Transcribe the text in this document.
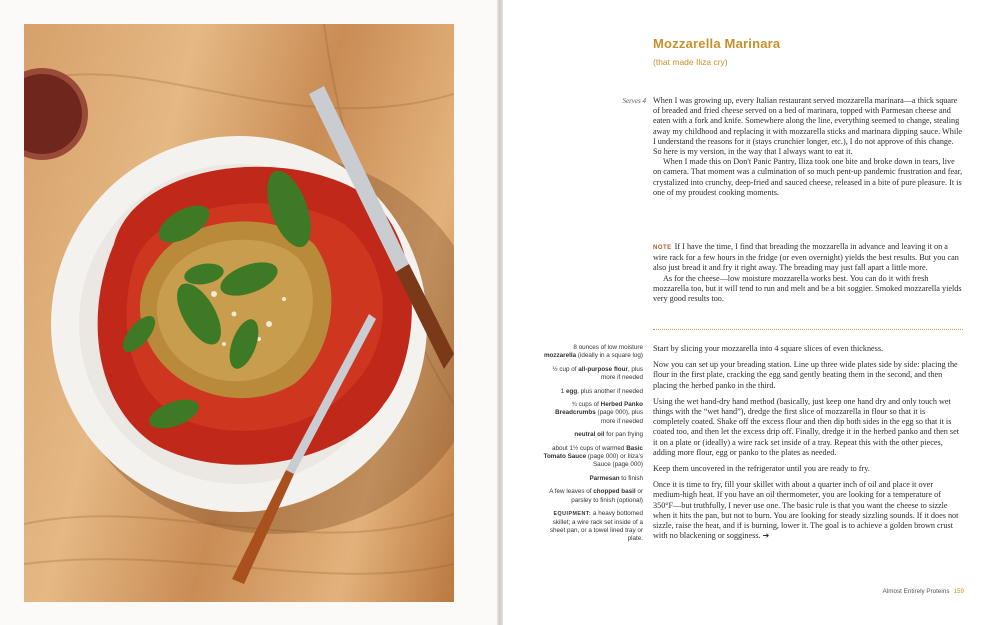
Mozzarella Marinara
(that made Iliza cry)
Serves 4 When I was growing up, every Italian restaurant served mozzarella marinara—a thick square of breaded and fried cheese served on a bed of marinara, topped with Parmesan cheese and eaten with a fork and knife. Somewhere along the line, everything seemed to change, stealing away my childhood and replacing it with mozzarella sticks and marinara dipping sauce. While I understand the reasons for it (stays crunchier longer, etc.), I do not approve of this change. So here is my version, in the way that I always want to eat it.

When I made this on Don't Panic Pantry, Iliza took one bite and broke down in tears, live on camera. That moment was a culmination of so much pent-up pandemic frustration and fear, crystalized into crunchy, deep-fried and sauced cheese, released in a bite of pure pleasure. It is one of my proudest cooking moments.

NOTE If I have the time, I find that breading the mozzarella in advance and leaving it on a wire rack for a few hours in the fridge (or even overnight) yields the best results. But you can also just bread it and fry it right away. The breading may just fall apart a little more.

As for the cheese—low moisture mozzarella works best. You can do it with fresh mozzarella too, but it will tend to run and melt and be a bit soggier. Smoked mozzarella yields very good results too.

8 ounces of low moisture mozzarella (ideally in a square log)
½ cup of all-purpose flour, plus more if needed
1 egg, plus another if needed
¾ cups of Herbed Panko Breadcrumbs (page 000), plus more if needed
neutral oil for pan frying
about 1½ cups of warmed Basic Tomato Sauce (page 000) or Iliza's Sauce (page 000)
Parmesan to finish
A few leaves of chopped basil or parsley to finish (optional)
EQUIPMENT: a heavy bottomed skillet; a wire rack set inside of a sheet pan, or a towel lined tray or plate.

Start by slicing your mozzarella into 4 square slices of even thickness.

Now you can set up your breading station. Line up three wide plates side by side: placing the flour in the first plate, cracking the egg sand gently beating them in the second, and then placing the herbed panko in the third.

Using the wet hand-dry hand method (basically, just keep one hand dry and only touch wet things with the “wet hand”), dredge the first slice of mozzarella in flour so that it is completely coated. Shake off the excess flour and then dip both sides in the egg so that it is coated too, and then let the excess drip off. Finally, dredge it in the herbed panko and then set it on a plate or (ideally) a wire rack set inside of a tray. Repeat this with the other pieces, adding more flour, egg or panko to the plates as needed.

Keep them uncovered in the refrigerator until you are ready to fry.

Once it is time to fry, fill your skillet with about a quarter inch of oil and place it over medium-high heat. If you have an oil thermometer, you are looking for a temperature of 350°F—but truthfully, I never use one. The basic rule is that you want the cheese to sizzle when it hits the pan, but not to burn. You are looking for steady sizzling sounds. If it does not sizzle, raise the heat, and if is burning, lower it. The goal is to achieve a golden brown crust with no blackening or sogginess. ➔

Almost Entirely Proteins 159
